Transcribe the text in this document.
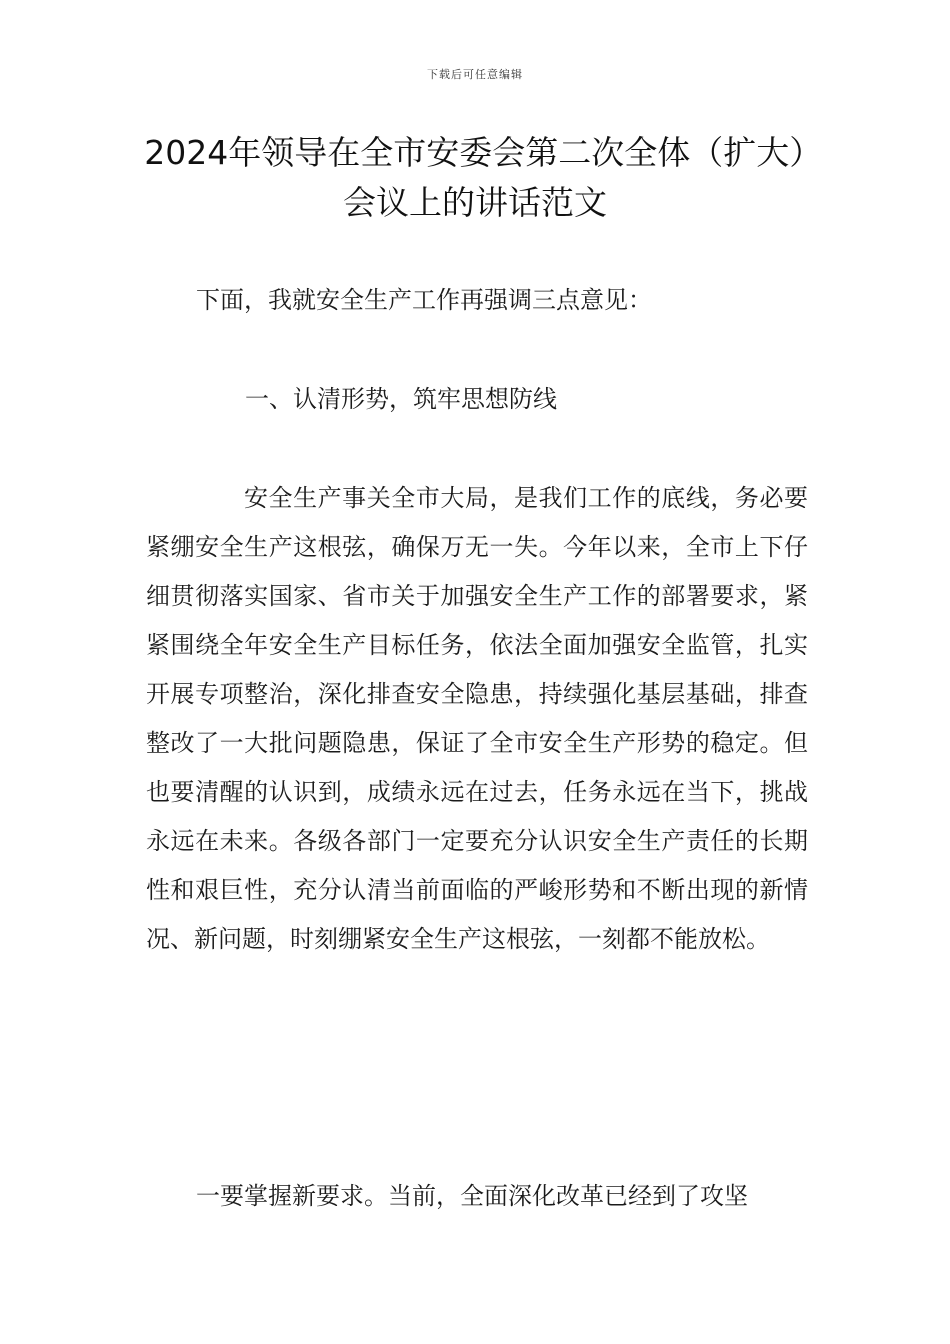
下载后可任意编辑
2024年领导在全市安委会第二次全体（扩大）会议上的讲话范文

下面，我就安全生产工作再强调三点意见：

一、认清形势，筑牢思想防线

安全生产事关全市大局，是我们工作的底线，务必要紧绷安全生产这根弦，确保万无一失。今年以来，全市上下仔细贯彻落实国家、省市关于加强安全生产工作的部署要求，紧紧围绕全年安全生产目标任务，依法全面加强安全监管，扎实开展专项整治，深化排查安全隐患，持续强化基层基础，排查整改了一大批问题隐患，保证了全市安全生产形势的稳定。但也要清醒的认识到，成绩永远在过去，任务永远在当下，挑战永远在未来。各级各部门一定要充分认识安全生产责任的长期性和艰巨性，充分认清当前面临的严峻形势和不断出现的新情况、新问题，时刻绷紧安全生产这根弦，一刻都不能放松。

一要掌握新要求。当前，全面深化改革已经到了攻坚
